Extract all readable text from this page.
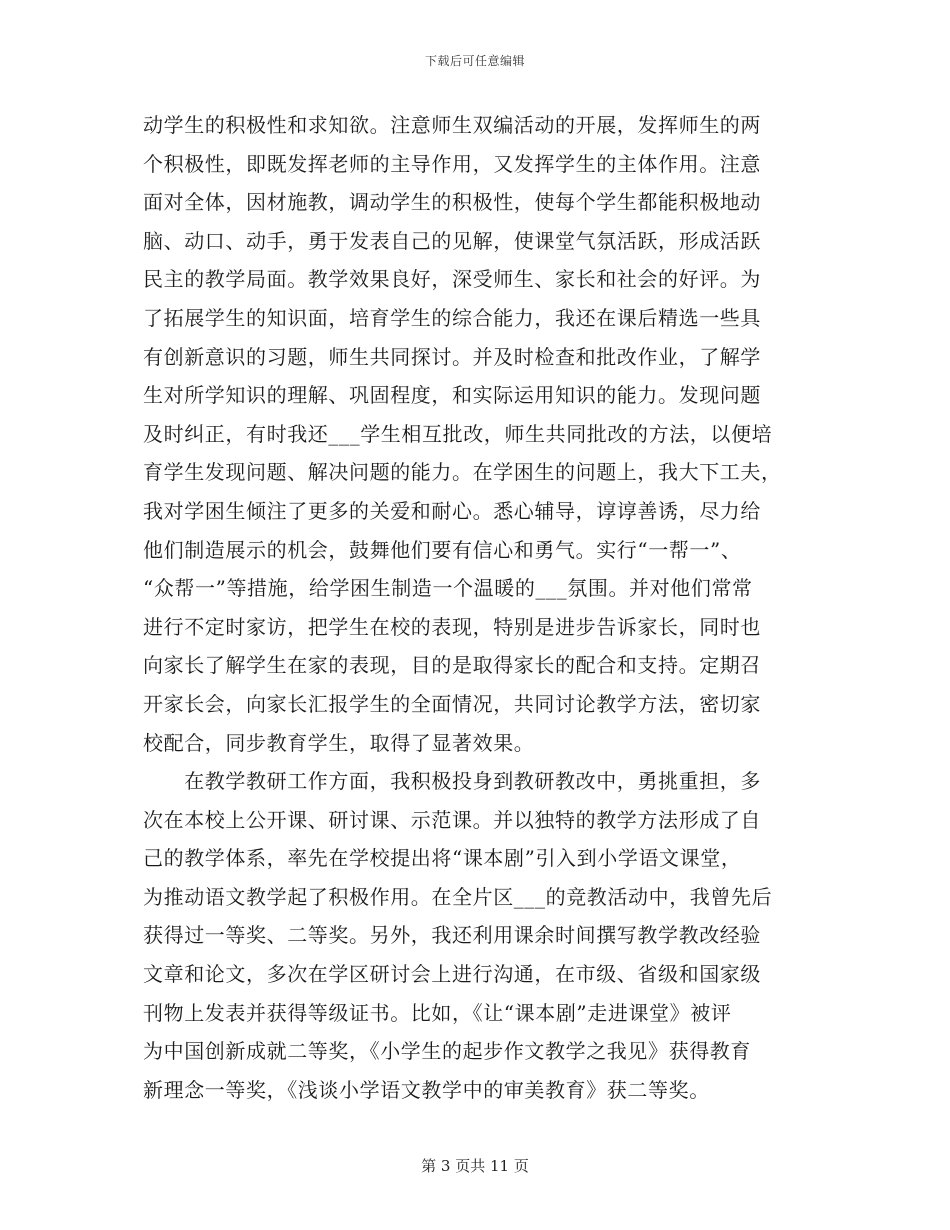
下载后可任意编辑
动学生的积极性和求知欲。注意师生双编活动的开展，发挥师生的两
个积极性，即既发挥老师的主导作用，又发挥学生的主体作用。注意
面对全体，因材施教，调动学生的积极性，使每个学生都能积极地动
脑、动口、动手，勇于发表自己的见解，使课堂气氛活跃，形成活跃
民主的教学局面。教学效果良好，深受师生、家长和社会的好评。为
了拓展学生的知识面，培育学生的综合能力，我还在课后精选一些具
有创新意识的习题，师生共同探讨。并及时检查和批改作业，了解学
生对所学知识的理解、巩固程度，和实际运用知识的能力。发现问题
及时纠正，有时我还___学生相互批改，师生共同批改的方法，以便培
育学生发现问题、解决问题的能力。在学困生的问题上，我大下工夫，
我对学困生倾注了更多的关爱和耐心。悉心辅导，谆谆善诱，尽力给
他们制造展示的机会，鼓舞他们要有信心和勇气。实行“一帮一”、
“众帮一”等措施，给学困生制造一个温暖的___氛围。并对他们常常
进行不定时家访，把学生在校的表现，特别是进步告诉家长，同时也
向家长了解学生在家的表现，目的是取得家长的配合和支持。定期召
开家长会，向家长汇报学生的全面情况，共同讨论教学方法，密切家
校配合，同步教育学生，取得了显著效果。
　　在教学教研工作方面，我积极投身到教研教改中，勇挑重担，多
次在本校上公开课、研讨课、示范课。并以独特的教学方法形成了自
己的教学体系，率先在学校提出将“课本剧”引入到小学语文课堂，
为推动语文教学起了积极作用。在全片区___的竞教活动中，我曾先后
获得过一等奖、二等奖。另外，我还利用课余时间撰写教学教改经验
文章和论文，多次在学区研讨会上进行沟通，在市级、省级和国家级
刊物上发表并获得等级证书。比如，《让“课本剧”走进课堂》被评
为中国创新成就二等奖，《小学生的起步作文教学之我见》获得教育
新理念一等奖，《浅谈小学语文教学中的审美教育》获二等奖。
第 3 页共 11 页
